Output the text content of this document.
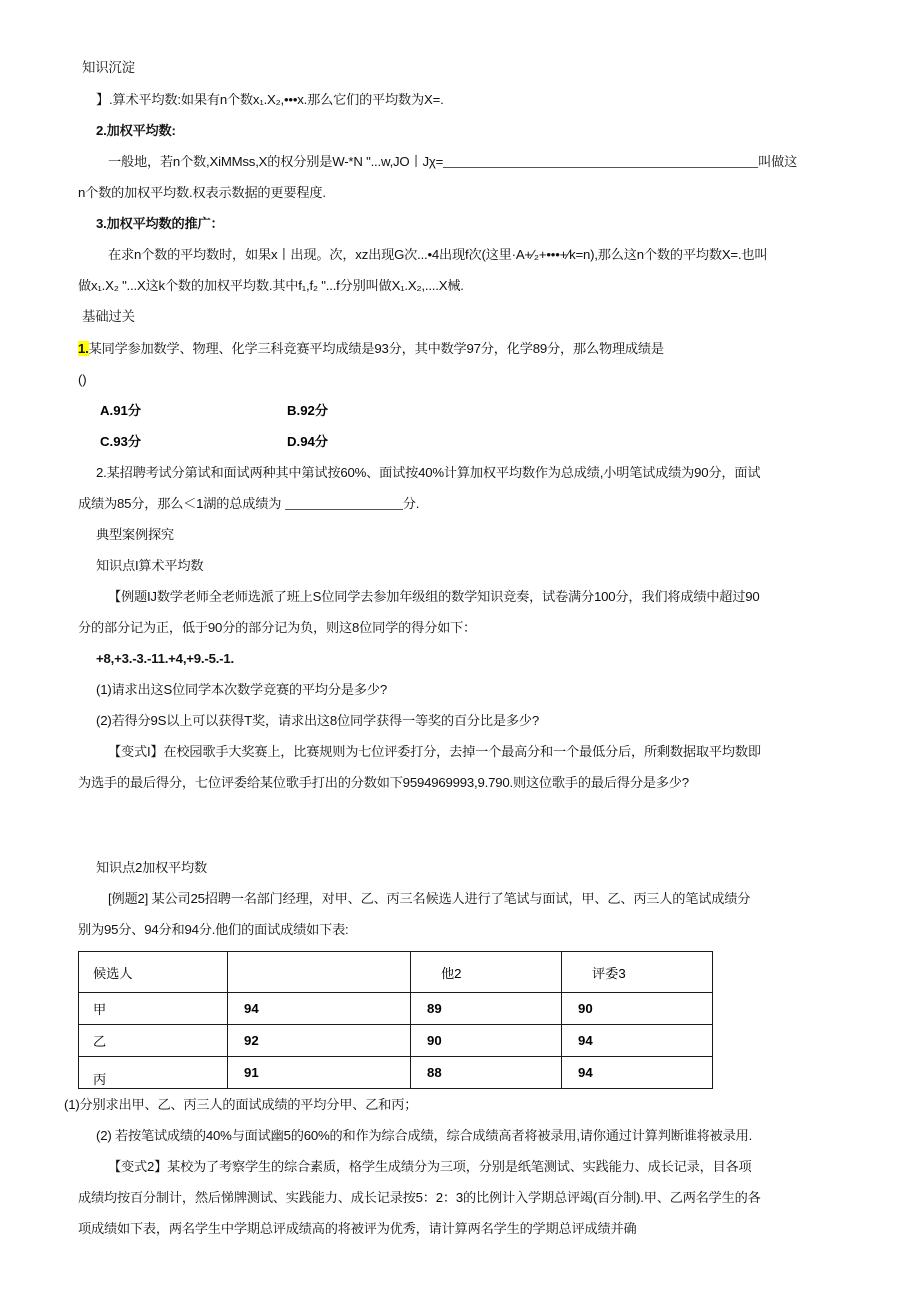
知识沉淀
】.算术平均数:如果有n个数x₁.X₂,•••x.那么它们的平均数为X=.
2.加权平均数:
一般地，若n个数,XiMMss,X的权分别是W-*N "...w,JO丨Jχ=	叫做这
n个数的加权平均数.权表示数据的更要程度.
3.加权平均数的推广：
在求n个数的平均数时，如果x丨出现。次，xz出现G次...•4出现f次(这里·A+∕₂+•••+∕k=n),那么这n个数的平均数X=.也叫
做x₁.X₂ "...X这k个数的加权平均数.其中f₁,f₂ "...f分别叫做X₁.X₂,....X械.
基础过关
1.某同学参加数学、物理、化学三科竞赛平均成绩是93分，其中数学97分，化学89分，那么物理成绩是
()
A.91分	B.92分
C.93分	D.94分
2.某招聘考试分第试和面试两种其中第试按60%、面试按40%计算加权平均数作为总成绩,小明笔试成绩为90分，面试
成绩为85分，那么＜1湖的总成绩为	分.
典型案例探究
知识点I算术平均数
【例题IJ数学老师全老师选派了班上S位同学去参加年级组的数学知识竞奏，试卷满分100分，我们将成绩中超过90
分的部分记为正，低于90分的部分记为负，则这8位同学的得分如下：
+8,+3.-3.-11.+4,+9.-5.-1.
(1)请求出这S位同学本次数学竞赛的平均分是多少?
(2)若得分9S以上可以获得T奖，请求出这8位同学获得一等奖的百分比是多少?
【变式I】在校园歌手大奖赛上，比赛规则为七位评委打分，去掉一个最高分和一个最低分后，所剩数据取平均数即
为选手的最后得分，七位评委给某位歌手打出的分数如下9594969993,9.790.则这位歌手的最后得分是多少?
知识点2加权平均数
[例题2] 某公司25招聘一名部门经理，对甲、乙、丙三名候选人进行了笔试与面试，甲、乙、丙三人的笔试成绩分
别为95分、94分和94分.他们的面试成绩如下表:
候选人		他2	评委3
甲	94	89	90
乙	92	90	94
丙	91	88	94
(1)分别求出甲、乙、丙三人的面试成绩的平均分甲、乙和丙；
(2) 若按笔试成绩的40%与面试幽5的60%的和作为综合成绩，综合成绩高者将被录用,请你通过计算判断谁将被录用.
【变式2】某校为了考察学生的综合素质，格学生成绩分为三项，分别是纸笔测试、实践能力、成长记录，目各项
成绩均按百分制计，然后悌牌测试、实践能力、成长记录按5：2：3的比例计入学期总评竭(百分制).甲、乙两名学生的各
项成绩如下表，两名学生中学期总评成绩高的将被评为优秀，请计算两名学生的学期总评成绩并确
